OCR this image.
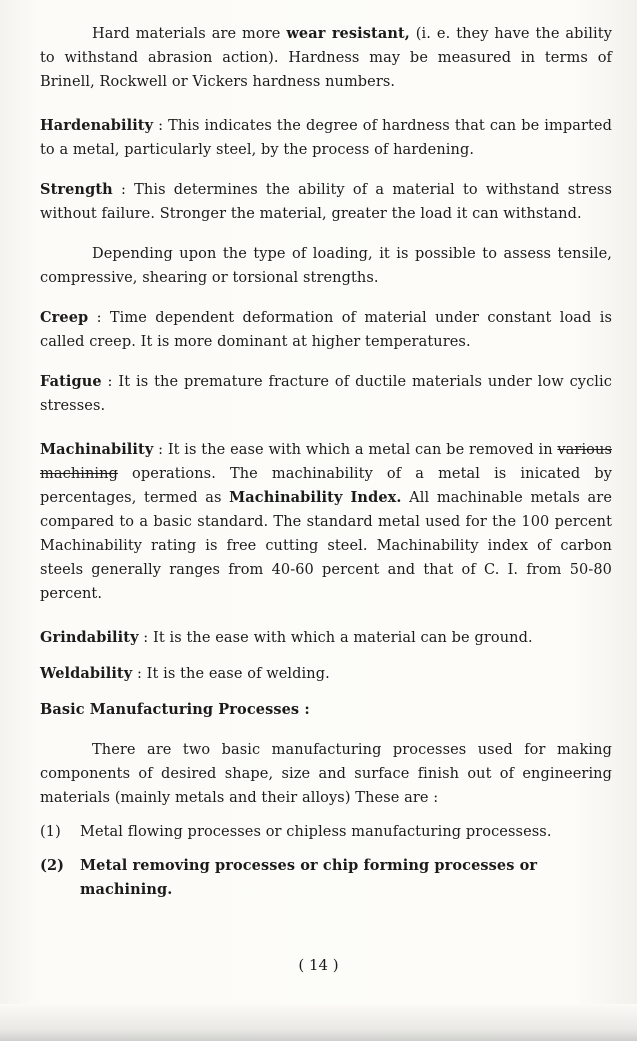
Hard materials are more wear resistant, (i. e. they have the ability to withstand abrasion action). Hardness may be measured in terms of Brinell, Rockwell or Vickers hardness numbers.

Hardenability : This indicates the degree of hardness that can be imparted to a metal, particularly steel, by the process of hardening.

Strength : This determines the ability of a material to withstand stress without failure. Stronger the material, greater the load it can withstand.

Depending upon the type of loading, it is possible to assess tensile, compressive, shearing or torsional strengths.

Creep : Time dependent deformation of material under constant load is called creep. It is more dominant at higher temperatures.

Fatigue : It is the premature fracture of ductile materials under low cyclic stresses.

Machinability : It is the ease with which a metal can be removed in various machining operations. The machinability of a metal is inicated by percentages, termed as Machinability Index. All machinable metals are compared to a basic standard. The standard metal used for the 100 percent Machinability rating is free cutting steel. Machinability index of carbon steels generally ranges from 40-60 percent and that of C. I. from 50-80 percent.

Grindability : It is the ease with which a material can be ground.

Weldability : It is the ease of welding.

Basic Manufacturing Processes :

There are two basic manufacturing processes used for making components of desired shape, size and surface finish out of engineering materials (mainly metals and their alloys) These are :

(1)	Metal flowing processes or chipless manufacturing processess.
(2)	Metal removing processes or chip forming processes or machining.
( 14 )
